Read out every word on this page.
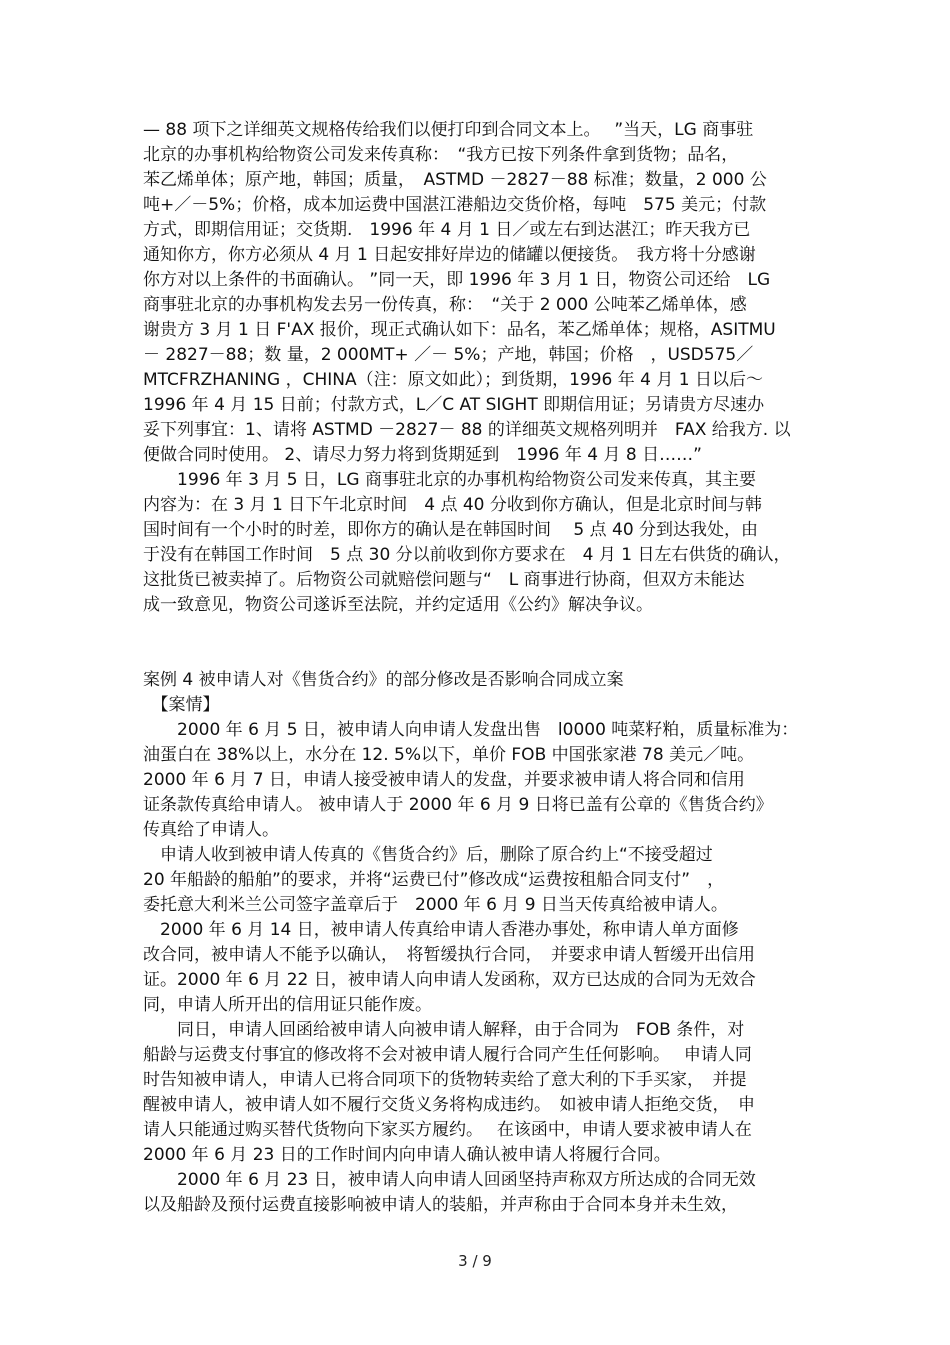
— 88 项下之详细英文规格传给我们以便打印到合同文本上。　 ”当天，LG 商事驻
北京的办事机构给物资公司发来传真称：　“我方已按下列条件拿到货物；品名，
苯乙烯单体；原产地，韩国；质量，　ASTMD －2827－88 标准；数量，2 000 公
吨+／－5%；价格，成本加运费中国湛江港船边交货价格，每吨　575 美元；付款
方式，即期信用证；交货期.　1996 年 4 月 1 日／或左右到达湛江；昨天我方已
通知你方，你方必须从 4 月 1 日起安排好岸边的储罐以便接货。　我方将十分感谢
你方对以上条件的书面确认。 ”同一天，即 1996 年 3 月 1 日，物资公司还给　LG
商事驻北京的办事机构发去另一份传真，称：　“关于 2 000 公吨苯乙烯单体，感
谢贵方 3 月 1 日 F'AX 报价，现正式确认如下：品名，苯乙烯单体；规格，ASITMU
－ 2827－88；数 量，2 000MT+ ／－ 5%；产地，韩国；价格　，USD575／
MTCFRZHANING ，CHINA（注：原文如此）；到货期，1996 年 4 月 1 日以后～
1996 年 4 月 15 日前；付款方式，L／C AT SIGHT 即期信用证；另请贵方尽速办
妥下列事宜：1、请将 ASTMD －2827－ 88 的详细英文规格列明并　FAX 给我方. 以
便做合同时使用。 2、请尽力努力将到货期延到　1996 年 4 月 8 日……”
　　1996 年 3 月 5 日，LG 商事驻北京的办事机构给物资公司发来传真，其主要
内容为：在 3 月 1 日下午北京时间　4 点 40 分收到你方确认，但是北京时间与韩
国时间有一个小时的时差，即你方的确认是在韩国时间　 5 点 40 分到达我处，由
于没有在韩国工作时间　5 点 30 分以前收到你方要求在　4 月 1 日左右供货的确认，
这批货已被卖掉了。后物资公司就赔偿问题与“　L 商事进行协商，但双方未能达
成一致意见，物资公司遂诉至法院，并约定适用《公约》解决争议。
案例 4 被申请人对《售货合约》的部分修改是否影响合同成立案
　【案情】
　　2000 年 6 月 5 日，被申请人向申请人发盘出售　l0000 吨菜籽粕，质量标准为：
油蛋白在 38%以上，水分在 12. 5%以下，单价 FOB 中国张家港 78 美元／吨。
2000 年 6 月 7 日，申请人接受被申请人的发盘，并要求被申请人将合同和信用
证条款传真给申请人。 被申请人于 2000 年 6 月 9 日将已盖有公章的《售货合约》
传真给了申请人。
　申请人收到被申请人传真的《售货合约》后，删除了原合约上“不接受超过
20 年船龄的船舶”的要求，并将“运费已付”修改成“运费按租船合同支付”　，
委托意大利米兰公司签字盖章后于　2000 年 6 月 9 日当天传真给被申请人。
　2000 年 6 月 14 日，被申请人传真给申请人香港办事处，称申请人单方面修
改合同，被申请人不能予以确认，　将暂缓执行合同，　并要求申请人暂缓开出信用
证。2000 年 6 月 22 日，被申请人向申请人发函称，双方已达成的合同为无效合
同，申请人所开出的信用证只能作废。
　　同日，申请人回函给被申请人向被申请人解释，由于合同为　FOB 条件，对
船龄与运费支付事宜的修改将不会对被申请人履行合同产生任何影响。　 申请人同
时告知被申请人，申请人已将合同项下的货物转卖给了意大利的下手买家，　并提
醒被申请人，被申请人如不履行交货义务将构成违约。　如被申请人拒绝交货，　申
请人只能通过购买替代货物向下家买方履约。　 在该函中，申请人要求被申请人在
2000 年 6 月 23 日的工作时间内向申请人确认被申请人将履行合同。
　　2000 年 6 月 23 日，被申请人向申请人回函坚持声称双方所达成的合同无效
以及船龄及预付运费直接影响被申请人的装船，并声称由于合同本身并未生效，
3 / 9
